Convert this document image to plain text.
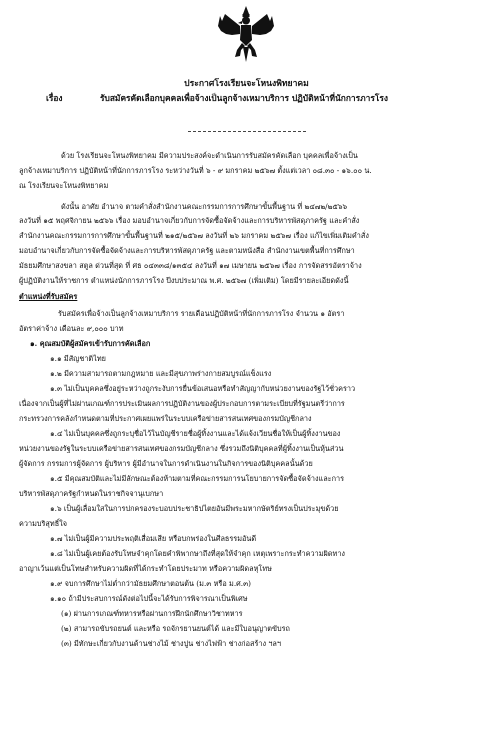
ประกาศโรงเรียนจะโหนงพิทยาคม
เรื่อง	รับสมัครคัดเลือกบุคคลเพื่อจ้างเป็นลูกจ้างเหมาบริการ ปฏิบัติหน้าที่นักการภารโรง
ด้วย โรงเรียนจะโหนงพิทยาคม มีความประสงค์จะดำเนินการรับสมัครคัดเลือก บุคคลเพื่อจ้างเป็น
ลูกจ้างเหมาบริการ ปฏิบัติหน้าที่นักการภารโรง ระหว่างวันที่ ๖ - ๙ มกราคม ๒๕๖๗ ตั้งแต่เวลา ๐๘.๓๐ - ๑๖.๐๐ น.
ณ โรงเรียนจะโหนงพิทยาคม
ดังนั้น อาศัย อำนาจ ตามคำสั่งสำนักงานคณะกรรมการการศึกษาขั้นพื้นฐาน ที่ ๒๔๗๒/๒๕๖๖
ลงวันที่ ๑๕ พฤศจิกายน ๒๕๖๖ เรื่อง มอบอำนาจเกี่ยวกับการจัดซื้อจัดจ้างและการบริหารพัสดุภาครัฐ และคำสั่ง
สำนักงานคณะกรรมการการศึกษาขั้นพื้นฐานที่ ๒๑๕/๒๕๖๗ ลงวันที่ ๒๖ มกราคม ๒๕๖๗ เรื่อง แก้ไขเพิ่มเติมคำสั่ง
มอบอำนาจเกี่ยวกับการจัดซื้อจัดจ้างและการบริหารพัสดุภาครัฐ และตามหนังสือ สำนักงานเขตพื้นที่การศึกษา
มัธยมศึกษาสงขลา สตูล ด่วนที่สุด ที่ ศธ ๐๔๓๓๘/๑๓๕๔ ลงวันที่ ๑๗ เมษายน ๒๕๖๗ เรื่อง การจัดสรรอัตราจ้าง
ผู้ปฏิบัติงานให้ราชการ ตำแหน่งนักการภารโรง ปีงบประมาณ พ.ศ. ๒๕๖๗ (เพิ่มเติม) โดยมีรายละเอียดดังนี้
ตำแหน่งที่รับสมัคร
รับสมัครเพื่อจ้างเป็นลูกจ้างเหมาบริการ รายเดือนปฏิบัติหน้าที่นักการภารโรง จำนวน ๑ อัตรา
อัตราค่าจ้าง เดือนละ ๙,๐๐๐ บาท
๑. คุณสมบัติผู้สมัครเข้ารับการคัดเลือก
๑.๑ มีสัญชาติไทย
๑.๒ มีความสามารถตามกฎหมาย และมีสุขภาพร่างกายสมบูรณ์แข็งแรง
๑.๓ ไม่เป็นบุคคลซึ่งอยู่ระหว่างถูกระงับการยื่นข้อเสนอหรือทำสัญญากับหน่วยงานของรัฐไว้ชั่วคราว
เนื่องจากเป็นผู้ที่ไม่ผ่านเกณฑ์การประเมินผลการปฏิบัติงานของผู้ประกอบการตามระเบียบที่รัฐมนตรีว่าการ
กระทรวงการคลังกำหนดตามที่ประกาศเผยแพร่ในระบบเครือข่ายสารสนเทศของกรมบัญชีกลาง
๑.๔ ไม่เป็นบุคคลซึ่งถูกระบุชื่อไว้ในบัญชีรายชื่อผู้ทิ้งงานและได้แจ้งเวียนชื่อให้เป็นผู้ทิ้งงานของ
หน่วยงานของรัฐในระบบเครือข่ายสารสนเทศของกรมบัญชีกลาง ซึ่งรวมถึงนิติบุคคลที่ผู้ทิ้งงานเป็นหุ้นส่วน
ผู้จัดการ กรรมการผู้จัดการ ผู้บริหาร ผู้มีอำนาจในการดำเนินงานในกิจการของนิติบุคคลนั้นด้วย
๑.๕ มีคุณสมบัติและไม่มีลักษณะต้องห้ามตามที่คณะกรรมการนโยบายการจัดซื้อจัดจ้างและการ
บริหารพัสดุภาครัฐกำหนดในราชกิจจานุเบกษา
๑.๖ เป็นผู้เลื่อมใสในการปกครองระบอบประชาธิปไตยอันมีพระมหากษัตริย์ทรงเป็นประมุขด้วย
ความบริสุทธิ์ใจ
๑.๗ ไม่เป็นผู้มีความประพฤติเสื่อมเสีย หรือบกพร่องในศีลธรรมอันดี
๑.๘ ไม่เป็นผู้เคยต้องรับโทษจำคุกโดยคำพิพากษาถึงที่สุดให้จำคุก เหตุเพราะกระทำความผิดทาง
อาญาเว้นแต่เป็นโทษสำหรับความผิดที่ได้กระทำโดยประมาท หรือความผิดลหุโทษ
๑.๙ จบการศึกษาไม่ต่ำกว่ามัธยมศึกษาตอนต้น (ม.๓ หรือ ม.ศ.๓)
๑.๑๐ ถ้ามีประสบการณ์ดังต่อไปนี้จะได้รับการพิจารณาเป็นพิเศษ
(๑) ผ่านการเกณฑ์ทหารหรือผ่านการฝึกนักศึกษาวิชาทหาร
(๒) สามารถขับรถยนต์ และหรือ รถจักรยานยนต์ได้ และมีใบอนุญาตขับรถ
(๓) มีทักษะเกี่ยวกับงานด้านช่างไม้ ช่างปูน ช่างไฟฟ้า ช่างก่อสร้าง ฯลฯ
